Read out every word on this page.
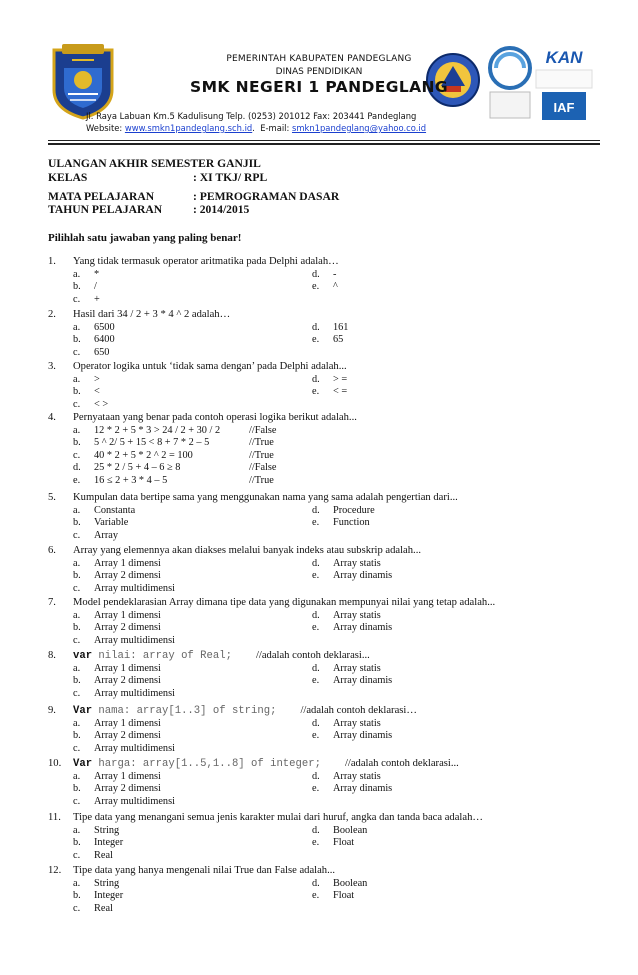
KAN
IAF
PEMERINTAH KABUPATEN PANDEGLANG
DINAS PENDIDIKAN
SMK NEGERI 1 PANDEGLANG
Jl. Raya Labuan Km.5 Kadulisung Telp. (0253) 201012 Fax: 203441 Pandeglang
Website: www.smkn1pandeglang.sch.id.  E-mail: smkn1pandeglang@yahoo.co.id
ULANGAN AKHIR SEMESTER GANJIL
KELAS	: XI TKJ/ RPL
MATA PELAJARAN	: PEMROGRAMAN DASAR
TAHUN PELAJARAN	: 2014/2015
Pilihlah satu jawaban yang paling benar!
1. Yang tidak termasuk operator aritmatika pada Delphi adalah…
a. *
b. /
c. +
d. -
e. ^
2. Hasil dari 34 / 2 + 3 * 4 ^ 2 adalah…
a. 6500
b. 6400
c. 650
d. 161
e. 65
3. Operator logika untuk ‘tidak sama dengan’ pada Delphi adalah...
a. >
b. <
c. < >
d. > =
e. < =
4. Pernyataan yang benar pada contoh operasi logika berikut adalah...
a. 12 * 2 + 5 * 3 > 24 / 2 + 30 / 2	//False
b. 5 ^ 2/ 5 + 15 < 8 + 7 * 2 – 5	//True
c. 40 * 2 + 5 * 2 ^ 2 = 100	//True
d. 25 * 2 / 5 + 4 – 6 ≥ 8	//False
e. 16 ≤ 2 + 3 * 4 – 5	//True
5. Kumpulan data bertipe sama yang menggunakan nama yang sama adalah pengertian dari...
a. Constanta
b. Variable
c. Array
d. Procedure
e. Function
6. Array yang elemennya akan diakses melalui banyak indeks atau subskrip adalah...
a. Array 1 dimensi
b. Array 2 dimensi
c. Array multidimensi
d. Array statis
e. Array dinamis
7. Model pendeklarasian Array dimana tipe data yang digunakan mempunyai nilai yang tetap adalah...
a. Array 1 dimensi
b. Array 2 dimensi
c. Array multidimensi
d. Array statis
e. Array dinamis
8. var nilai: array of Real; //adalah contoh deklarasi...
a. Array 1 dimensi
b. Array 2 dimensi
c. Array multidimensi
d. Array statis
e. Array dinamis
9. Var nama: array[1..3] of string; //adalah contoh deklarasi…
a. Array 1 dimensi
b. Array 2 dimensi
c. Array multidimensi
d. Array statis
e. Array dinamis
10. Var harga: array[1..5,1..8] of integer; //adalah contoh deklarasi...
a. Array 1 dimensi
b. Array 2 dimensi
c. Array multidimensi
d. Array statis
e. Array dinamis
11. Tipe data yang menangani semua jenis karakter mulai dari huruf, angka dan tanda baca adalah…
a. String
b. Integer
c. Real
d. Boolean
e. Float
12. Tipe data yang hanya mengenali nilai True dan False adalah...
a. String
b. Integer
c. Real
d. Boolean
e. Float
